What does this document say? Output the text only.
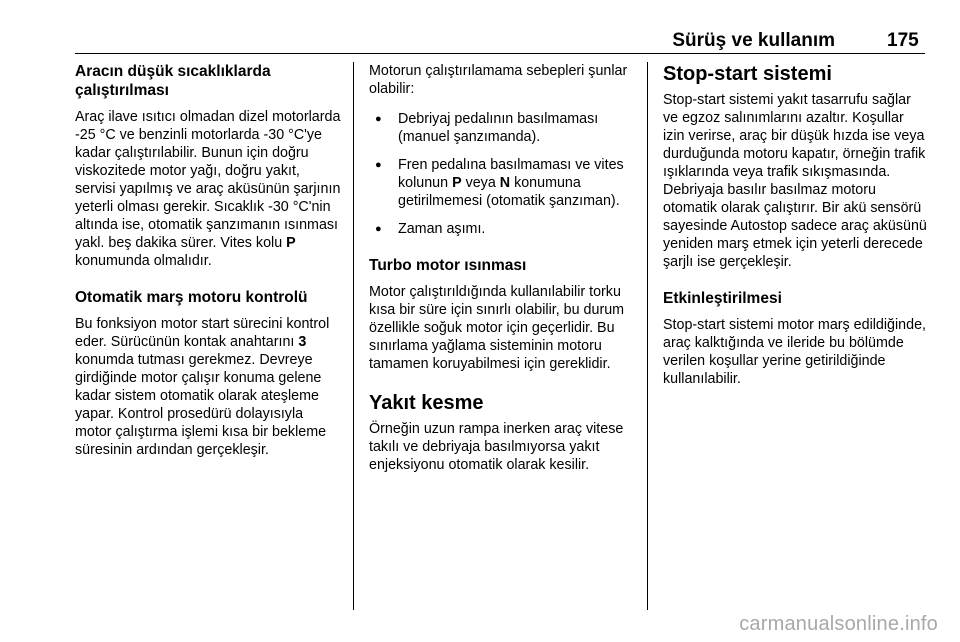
Sürüş ve kullanım	175
Aracın düşük sıcaklıklarda çalıştırılması

Araç ilave ısıtıcı olmadan dizel motorlarda -25 °C ve benzinli motorlarda -30 °C'ye kadar çalıştırılabilir. Bunun için doğru viskozitede motor yağı, doğru yakıt, servisi yapılmış ve araç aküsünün şarjının yeterli olması gerekir. Sıcaklık -30 °C'nin altında ise, otomatik şanzımanın ısınması yakl. beş dakika sürer. Vites kolu P konumunda olmalıdır.

Otomatik marş motoru kontrolü

Bu fonksiyon motor start sürecini kontrol eder. Sürücünün kontak anahtarını 3 konumda tutması gerekmez. Devreye girdiğinde motor çalışır konuma gelene kadar sistem otomatik olarak ateşleme yapar. Kontrol prosedürü dolayısıyla motor çalıştırma işlemi kısa bir bekleme süresinin ardından gerçekleşir.

Motorun çalıştırılamama sebepleri şunlar olabilir:

● Debriyaj pedalının basılmaması (manuel şanzımanda).
● Fren pedalına basılmaması ve vites kolunun P veya N konumuna getirilmemesi (otomatik şanzıman).
● Zaman aşımı.
Turbo motor ısınması

Motor çalıştırıldığında kullanılabilir torku kısa bir süre için sınırlı olabilir, bu durum özellikle soğuk motor için geçerlidir. Bu sınırlama yağlama sisteminin motoru tamamen koruyabilmesi için gereklidir.

Yakıt kesme

Örneğin uzun rampa inerken araç vitese takılı ve debriyaja basılmıyorsa yakıt enjeksiyonu otomatik olarak kesilir.

Stop-start sistemi

Stop-start sistemi yakıt tasarrufu sağlar ve egzoz salınımlarını azaltır. Koşullar izin verirse, araç bir düşük hızda ise veya durduğunda motoru kapatır, örneğin trafik ışıklarında veya trafik sıkışmasında. Debriyaja basılır basılmaz motoru otomatik olarak çalıştırır. Bir akü sensörü sayesinde Autostop sadece araç aküsünü yeniden marş etmek için yeterli derecede şarjlı ise gerçekleşir.

Etkinleştirilmesi

Stop-start sistemi motor marş edildiğinde, araç kalktığında ve ileride bu bölümde verilen koşullar yerine getirildiğinde kullanılabilir.

carmanualsonline.info
